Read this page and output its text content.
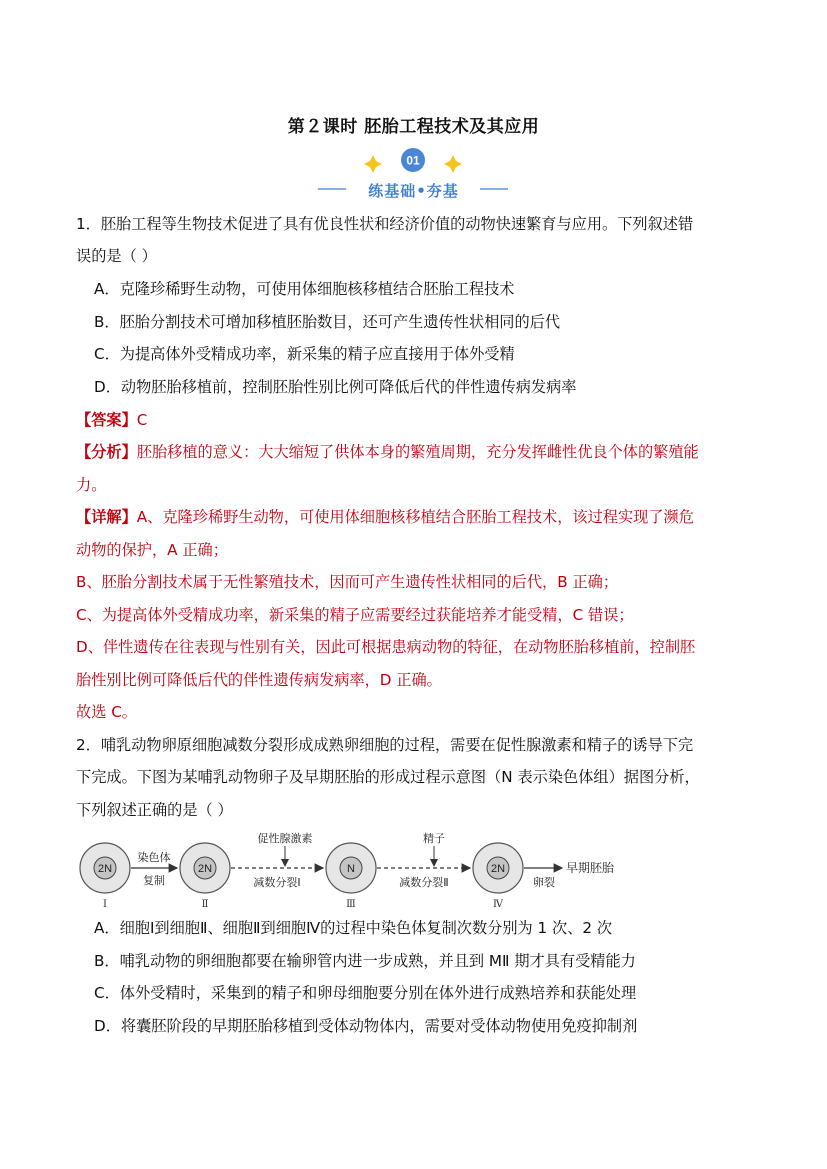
第２课时 胚胎工程技术及其应用
01
练基础•夯基
1．胚胎工程等生物技术促进了具有优良性状和经济价值的动物快速繁育与应用。下列叙述错
误的是（ ）
A．克隆珍稀野生动物，可使用体细胞核移植结合胚胎工程技术
B．胚胎分割技术可增加移植胚胎数目，还可产生遗传性状相同的后代
C．为提高体外受精成功率，新采集的精子应直接用于体外受精
D．动物胚胎移植前，控制胚胎性别比例可降低后代的伴性遗传病发病率
【答案】C
【分析】胚胎移植的意义：大大缩短了供体本身的繁殖周期，充分发挥雌性优良个体的繁殖能
力。
【详解】A、克隆珍稀野生动物，可使用体细胞核移植结合胚胎工程技术，该过程实现了濒危
动物的保护，A 正确；
B、胚胎分割技术属于无性繁殖技术，因而可产生遗传性状相同的后代，B 正确；
C、为提高体外受精成功率，新采集的精子应需要经过获能培养才能受精，C 错误；
D、伴性遗传在往表现与性别有关，因此可根据患病动物的特征，在动物胚胎移植前，控制胚
胎性别比例可降低后代的伴性遗传病发病率，D 正确。
故选 C。
2．哺乳动物卵原细胞减数分裂形成成熟卵细胞的过程，需要在促性腺激素和精子的诱导下完
下完成。下图为某哺乳动物卵子及早期胚胎的形成过程示意图（N 表示染色体组）据图分析，
下列叙述正确的是（ ）
2N
Ⅰ
2N
Ⅱ
N
Ⅲ
2N
Ⅳ
染色体
复制
促性腺激素
减数分裂Ⅰ
精子
减数分裂Ⅱ	卵裂
早期胚胎
A．细胞Ⅰ到细胞Ⅱ、细胞Ⅱ到细胞Ⅳ的过程中染色体复制次数分别为 1 次、2 次
B．哺乳动物的卵细胞都要在输卵管内进一步成熟，并且到 MⅡ 期才具有受精能力
C．体外受精时，采集到的精子和卵母细胞要分别在体外进行成熟培养和获能处理
D．将囊胚阶段的早期胚胎移植到受体动物体内，需要对受体动物使用免疫抑制剂
